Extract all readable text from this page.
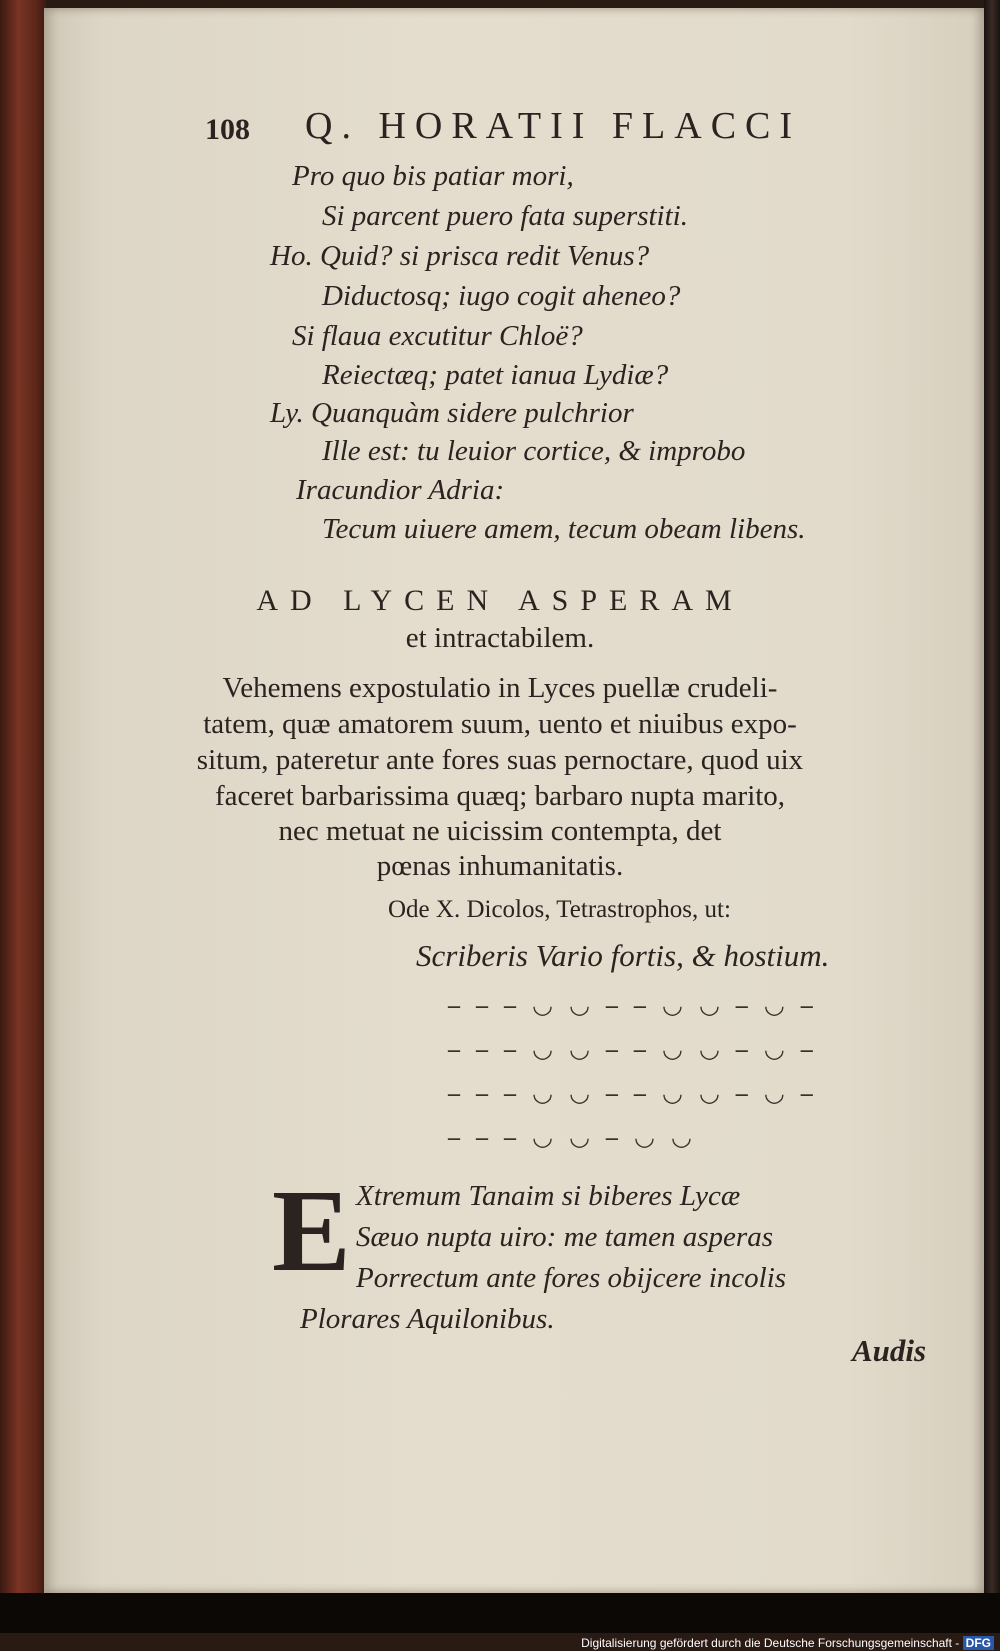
108 Q. HORATII FLACCI
Pro quo bis patiar mori,
Si parcent puero fata superstiti.
Ho. Quid? si prisca redit Venus?
Diductosq; iugo cogit aheneo?
Si flaua excutitur Chloë?
Reiectæq; patet ianua Lydiæ?
Ly. Quanquàm sidere pulchrior
Ille est: tu leuior cortice, & improbo
Iracundior Adria:
Tecum uiuere amem, tecum obeam libens.
AD LYCEN ASPERAM
et intractabilem.
Vehemens expostulatio in Lyces puellæ crudeli-
tatem, quæ amatorem suum, uento et niuibus expo-
situm, pateretur ante fores suas pernoctare, quod uix
faceret barbarissima quæq; barbaro nupta marito,
nec metuat ne uicissim contempta, det
pœnas inhumanitatis.
Ode X. Dicolos, Tetrastrophos, ut:
Scriberis Vario fortis, & hostium.
– – – ◡ ◡ – – ◡ ◡ – ◡ –
– – – ◡ ◡ – – ◡ ◡ – ◡ –
– – – ◡ ◡ – – ◡ ◡ – ◡ –
– – – ◡ ◡ – ◡ ◡
E Xtremum Tanaim si biberes Lycæ
Sæuo nupta uiro: me tamen asperas
Porrectum ante fores obijcere incolis
Plorares Aquilonibus.
Audis
Digitalisierung gefördert durch die Deutsche Forschungsgemeinschaft - DFG
